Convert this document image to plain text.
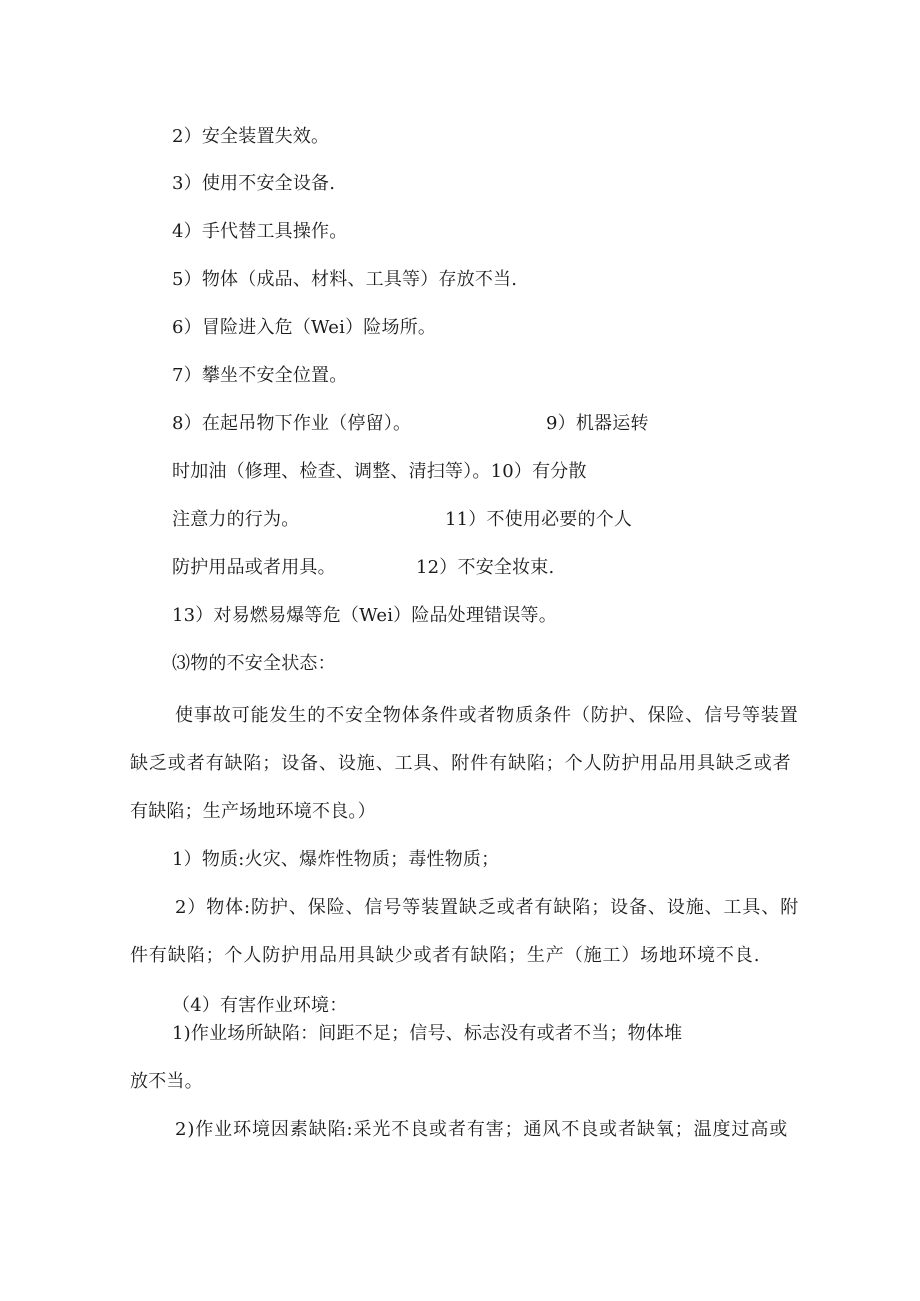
2）安全装置失效。

3）使用不安全设备.

4）手代替工具操作。

5）物体（成品、材料、工具等）存放不当.

6）冒险进入危（Wei）险场所。

7）攀坐不安全位置。

8）在起吊物下作业（停留）。	9）机器运转

时加油（修理、检查、调整、清扫等）。10）有分散

注意力的行为。	11）不使用必要的个人

防护用品或者用具。	12）不安全妆束.

13）对易燃易爆等危（Wei）险品处理错误等。

⑶物的不安全状态：

使事故可能发生的不安全物体条件或者物质条件（防护、保险、信号等装置

缺乏或者有缺陷；设备、设施、工具、附件有缺陷；个人防护用品用具缺乏或者

有缺陷；生产场地环境不良。）

1）物质:火灾、爆炸性物质；毒性物质；

2）物体:防护、保险、信号等装置缺乏或者有缺陷；设备、设施、工具、附

件有缺陷；个人防护用品用具缺少或者有缺陷；生产（施工）场地环境不良.

（4）有害作业环境：

1)作业场所缺陷：间距不足；信号、标志没有或者不当；物体堆

放不当。

2)作业环境因素缺陷:采光不良或者有害；通风不良或者缺氧；温度过高或
